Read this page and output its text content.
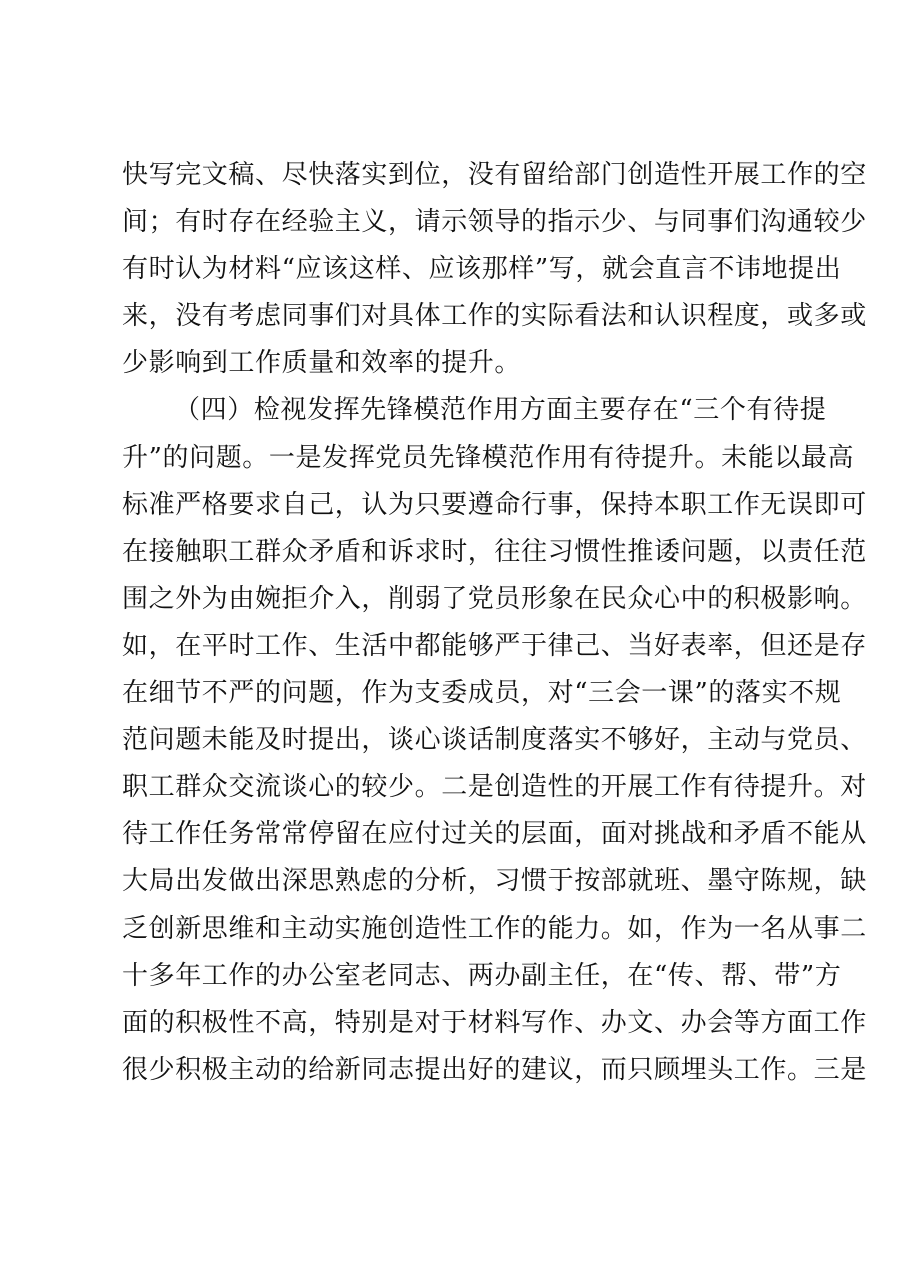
快写完文稿、尽快落实到位，没有留给部门创造性开展工作的空
间；有时存在经验主义，请示领导的指示少、与同事们沟通较少
有时认为材料“应该这样、应该那样”写，就会直言不讳地提出
来，没有考虑同事们对具体工作的实际看法和认识程度，或多或
少影响到工作质量和效率的提升。
（四）检视发挥先锋模范作用方面主要存在“三个有待提
升”的问题。一是发挥党员先锋模范作用有待提升。未能以最高
标准严格要求自己，认为只要遵命行事，保持本职工作无误即可
在接触职工群众矛盾和诉求时，往往习惯性推诿问题，以责任范
围之外为由婉拒介入，削弱了党员形象在民众心中的积极影响。
如，在平时工作、生活中都能够严于律己、当好表率，但还是存
在细节不严的问题，作为支委成员，对“三会一课”的落实不规
范问题未能及时提出，谈心谈话制度落实不够好，主动与党员、
职工群众交流谈心的较少。二是创造性的开展工作有待提升。对
待工作任务常常停留在应付过关的层面，面对挑战和矛盾不能从
大局出发做出深思熟虑的分析，习惯于按部就班、墨守陈规，缺
乏创新思维和主动实施创造性工作的能力。如，作为一名从事二
十多年工作的办公室老同志、两办副主任，在“传、帮、带”方
面的积极性不高，特别是对于材料写作、办文、办会等方面工作
很少积极主动的给新同志提出好的建议，而只顾埋头工作。三是
